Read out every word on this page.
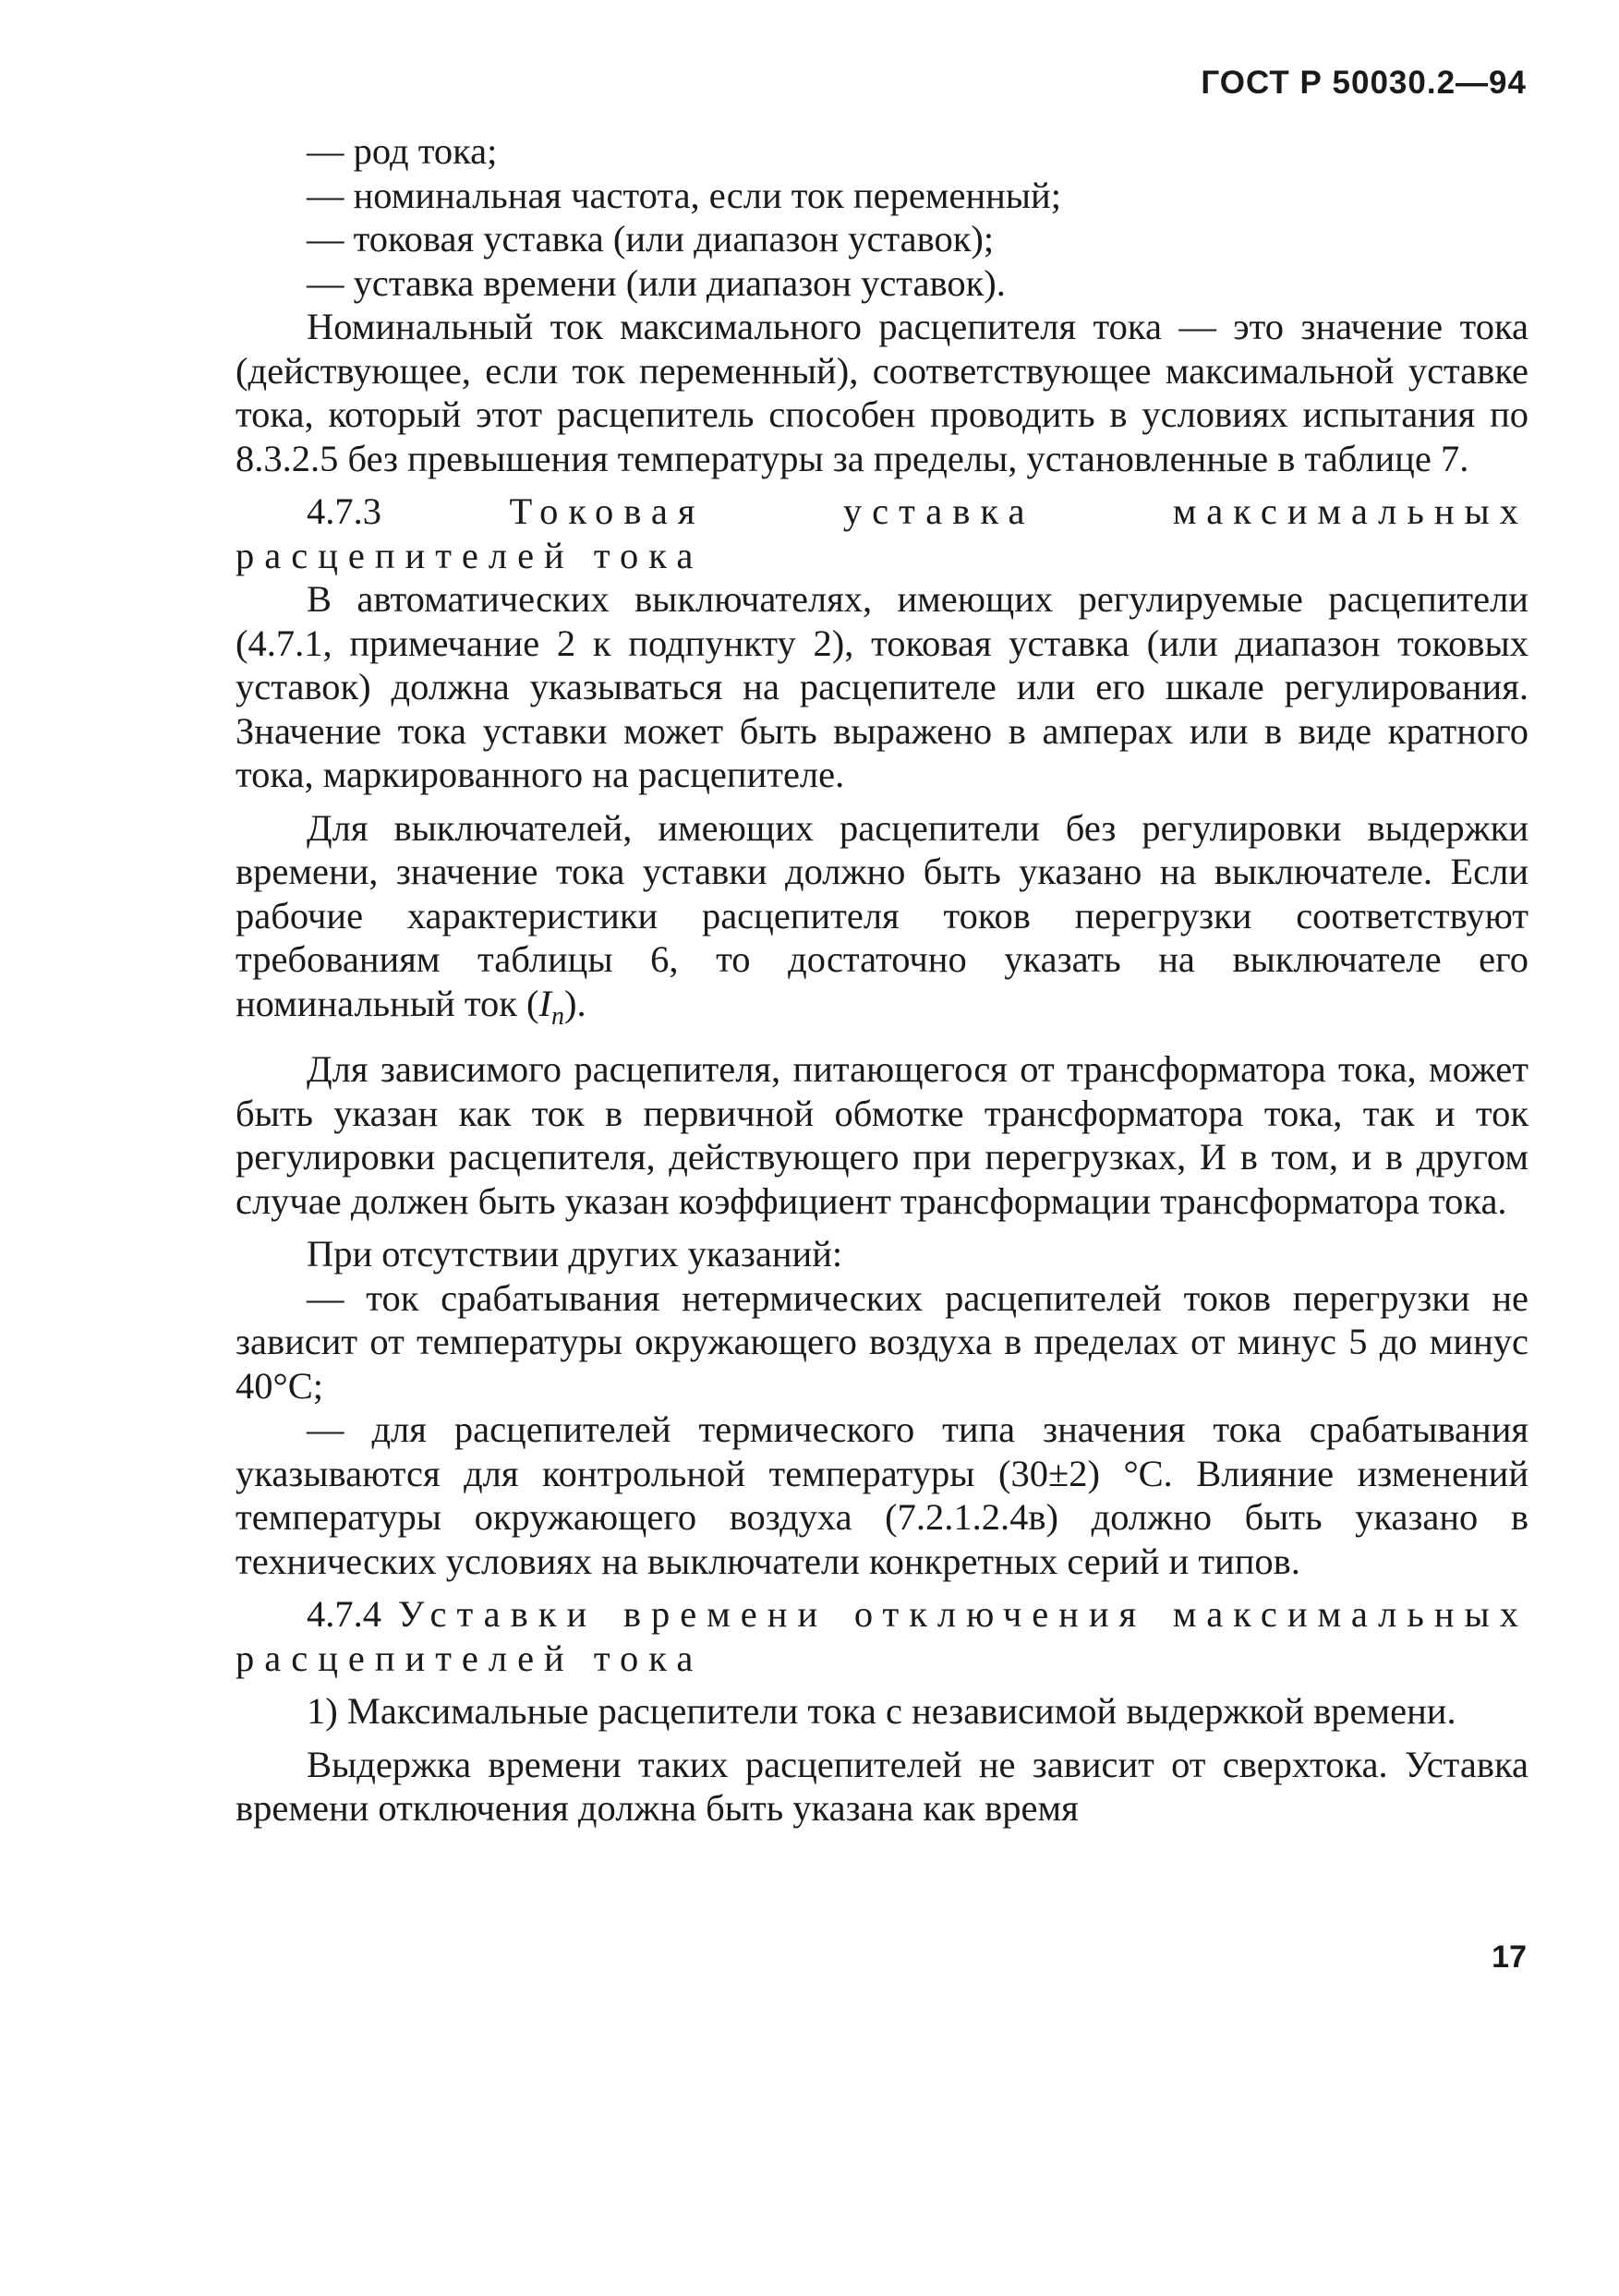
ГОСТ Р 50030.2—94

— род тока;

— номинальная частота, если ток переменный;

— токовая уставка (или диапазон уставок);

— уставка времени (или диапазон уставок).

Номинальный ток максимального расцепителя тока — это значение тока (действующее, если ток переменный), соответствующее максимальной уставке тока, который этот расцепитель способен проводить в условиях испытания по 8.3.2.5 без превышения температуры за пределы, установленные в таблице 7.

4.7.3	Токовая уставка максимальных расцепителей тока

В автоматических выключателях, имеющих регулируемые расцепители (4.7.1, примечание 2 к подпункту 2), токовая уставка (или диапазон токовых уставок) должна указываться на расцепителе или его шкале регулирования. Значение тока уставки может быть выражено в амперах или в виде кратного тока, маркированного на расцепителе.

Для выключателей, имеющих расцепители без регулировки выдержки времени, значение тока уставки должно быть указано на выключателе. Если рабочие характеристики расцепителя токов перегрузки соответствуют требованиям таблицы 6, то достаточно указать на выключателе его номинальный ток $(I_n)$.

Для зависимого расцепителя, питающегося от трансформатора тока, может быть указан как ток в первичной обмотке трансформатора тока, так и ток регулировки расцепителя, действующего при перегрузках, И в том, и в другом случае должен быть указан коэффициент трансформации трансформатора тока.

При отсутствии других указаний:

— ток срабатывания нетермических расцепителей токов перегрузки не зависит от температуры окружающего воздуха в пределах от минус 5 до минус 40°С;

— для расцепителей термического типа значения тока срабатывания указываются для контрольной температуры (30±2) °С. Влияние изменений температуры окружающего воздуха (7.2.1.2.4в) должно быть указано в технических условиях на выключатели конкретных серий и типов.

4.7.4 Уставки времени отключения максимальных расцепителей тока

1) Максимальные расцепители тока с независимой выдержкой времени.

Выдержка времени таких расцепителей не зависит от сверхтока. Уставка времени отключения должна быть указана как время

17
